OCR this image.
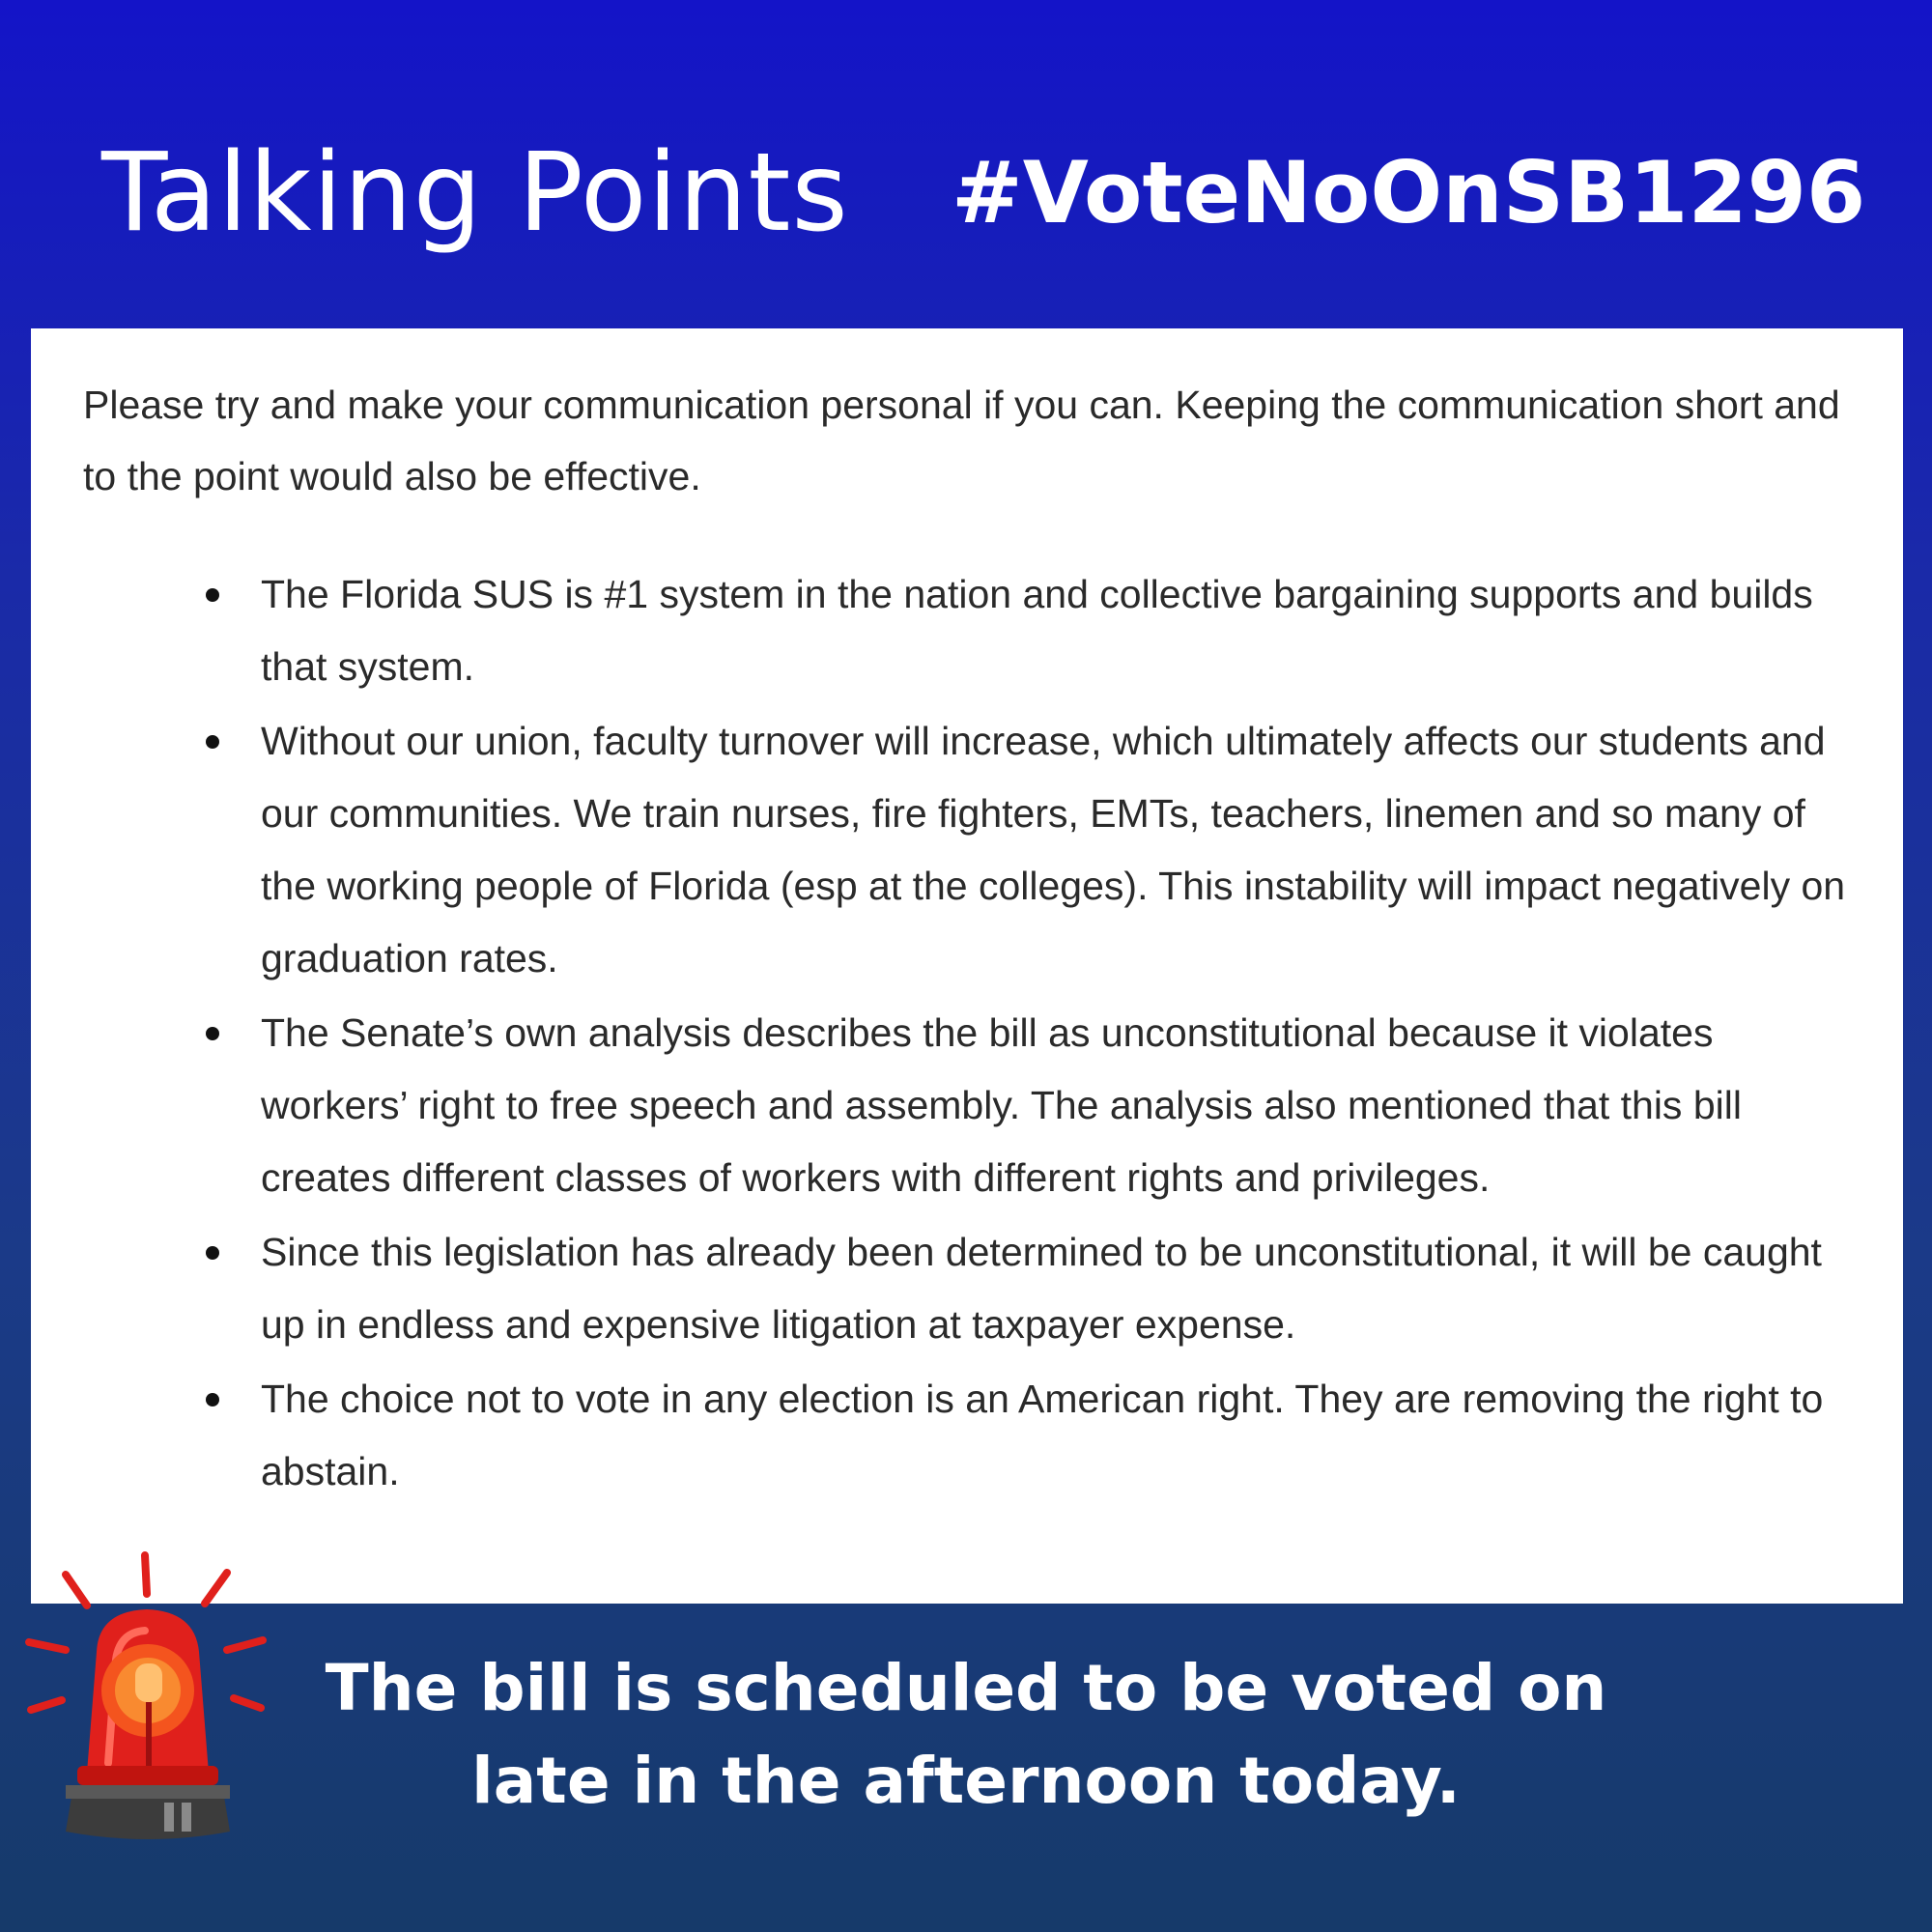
Talking Points #VoteNoOnSB1296

Please try and make your communication personal if you can. Keeping the communication short and to the point would also be effective.

The Florida SUS is #1 system in the nation and collective bargaining supports and builds that system.
Without our union, faculty turnover will increase, which ultimately affects our students and our communities. We train nurses, fire fighters, EMTs, teachers, linemen and so many of the working people of Florida (esp at the colleges). This instability will impact negatively on graduation rates.
The Senate’s own analysis describes the bill as unconstitutional because it violates workers’ right to free speech and assembly. The analysis also mentioned that this bill creates different classes of workers with different rights and privileges.
Since this legislation has already been determined to be unconstitutional, it will be caught up in endless and expensive litigation at taxpayer expense.
The choice not to vote in any election is an American right. They are removing the right to abstain.
The bill is scheduled to be voted on late in the afternoon today.
